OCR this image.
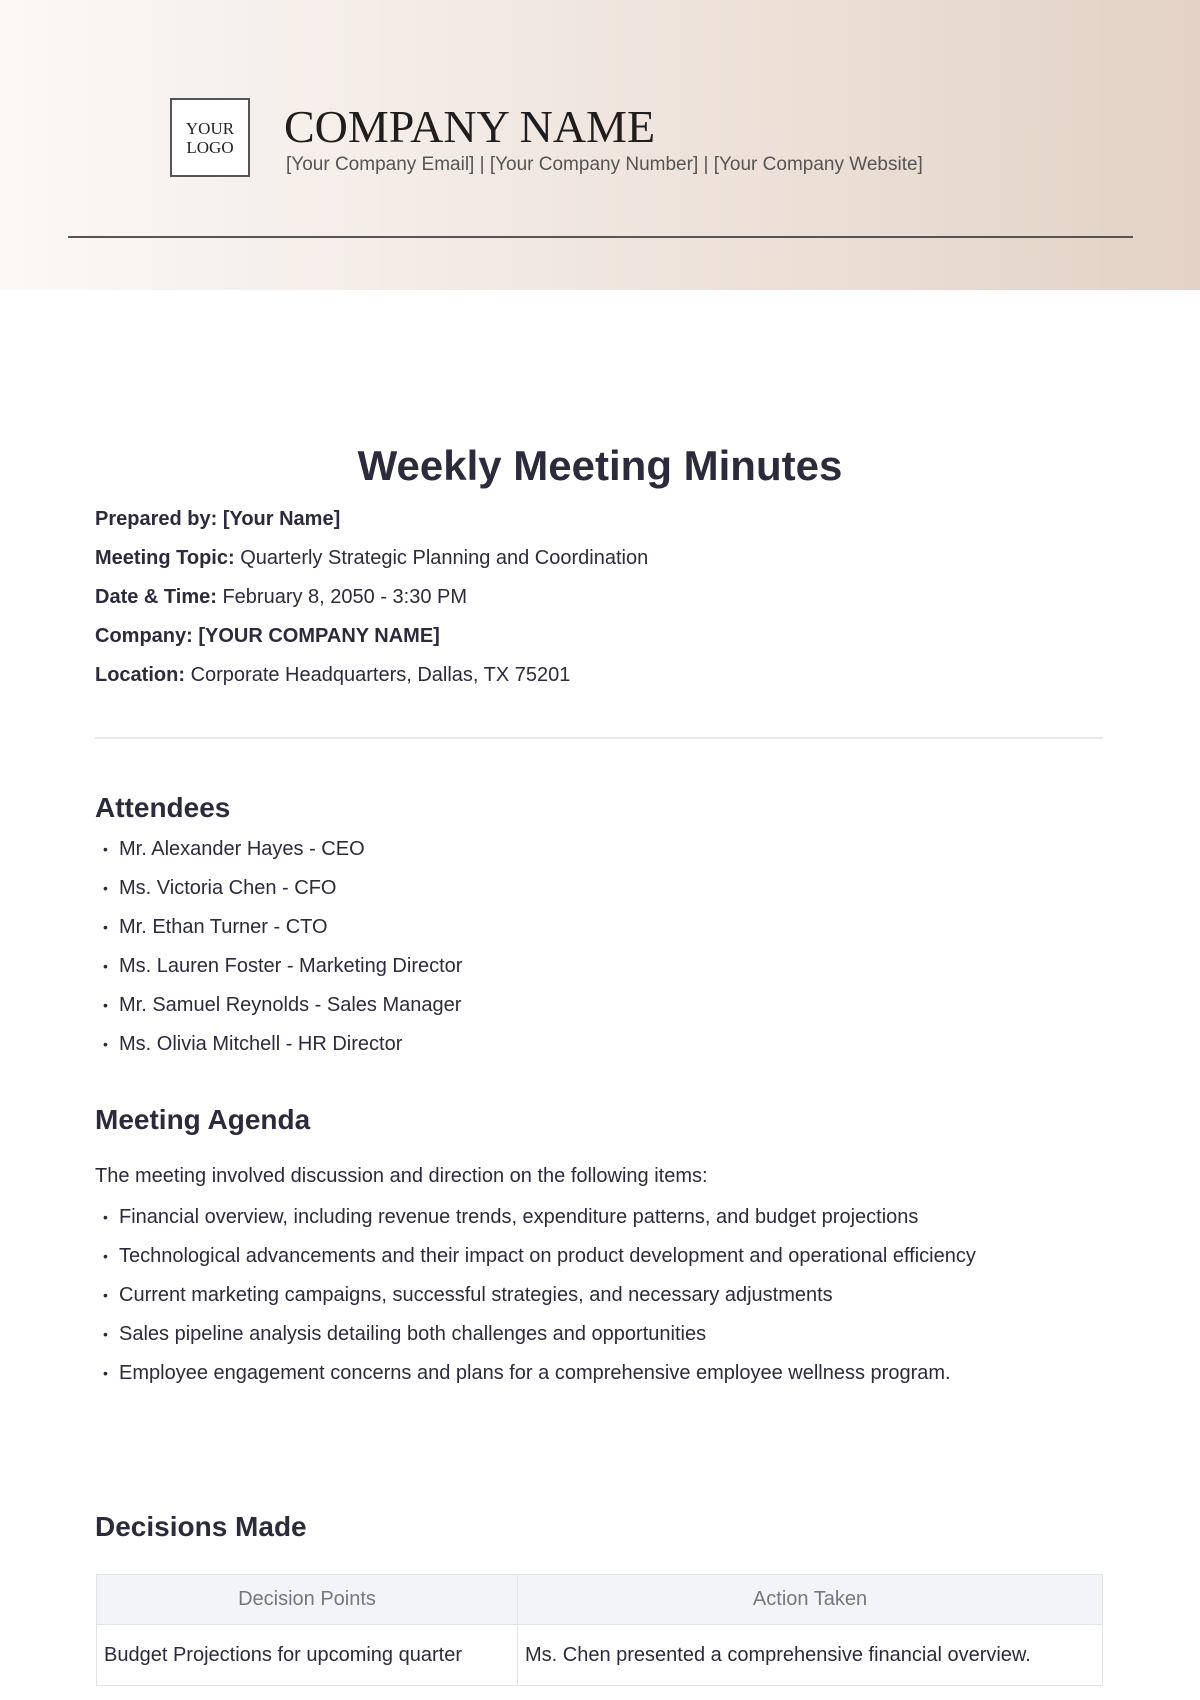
YOUR LOGO COMPANY NAME
[Your Company Email] | [Your Company Number] | [Your Company Website]
Weekly Meeting Minutes
Prepared by: [Your Name]
Meeting Topic: Quarterly Strategic Planning and Coordination
Date & Time: February 8, 2050 - 3:30 PM
Company: [YOUR COMPANY NAME]
Location: Corporate Headquarters, Dallas, TX 75201
Attendees
• Mr. Alexander Hayes - CEO
• Ms. Victoria Chen - CFO
• Mr. Ethan Turner - CTO
• Ms. Lauren Foster - Marketing Director
• Mr. Samuel Reynolds - Sales Manager
• Ms. Olivia Mitchell - HR Director
Meeting Agenda
The meeting involved discussion and direction on the following items:
• Financial overview, including revenue trends, expenditure patterns, and budget projections
• Technological advancements and their impact on product development and operational efficiency
• Current marketing campaigns, successful strategies, and necessary adjustments
• Sales pipeline analysis detailing both challenges and opportunities
• Employee engagement concerns and plans for a comprehensive employee wellness program.
Decisions Made
Decision Points	Action Taken
Budget Projections for upcoming quarter	Ms. Chen presented a comprehensive financial overview.
